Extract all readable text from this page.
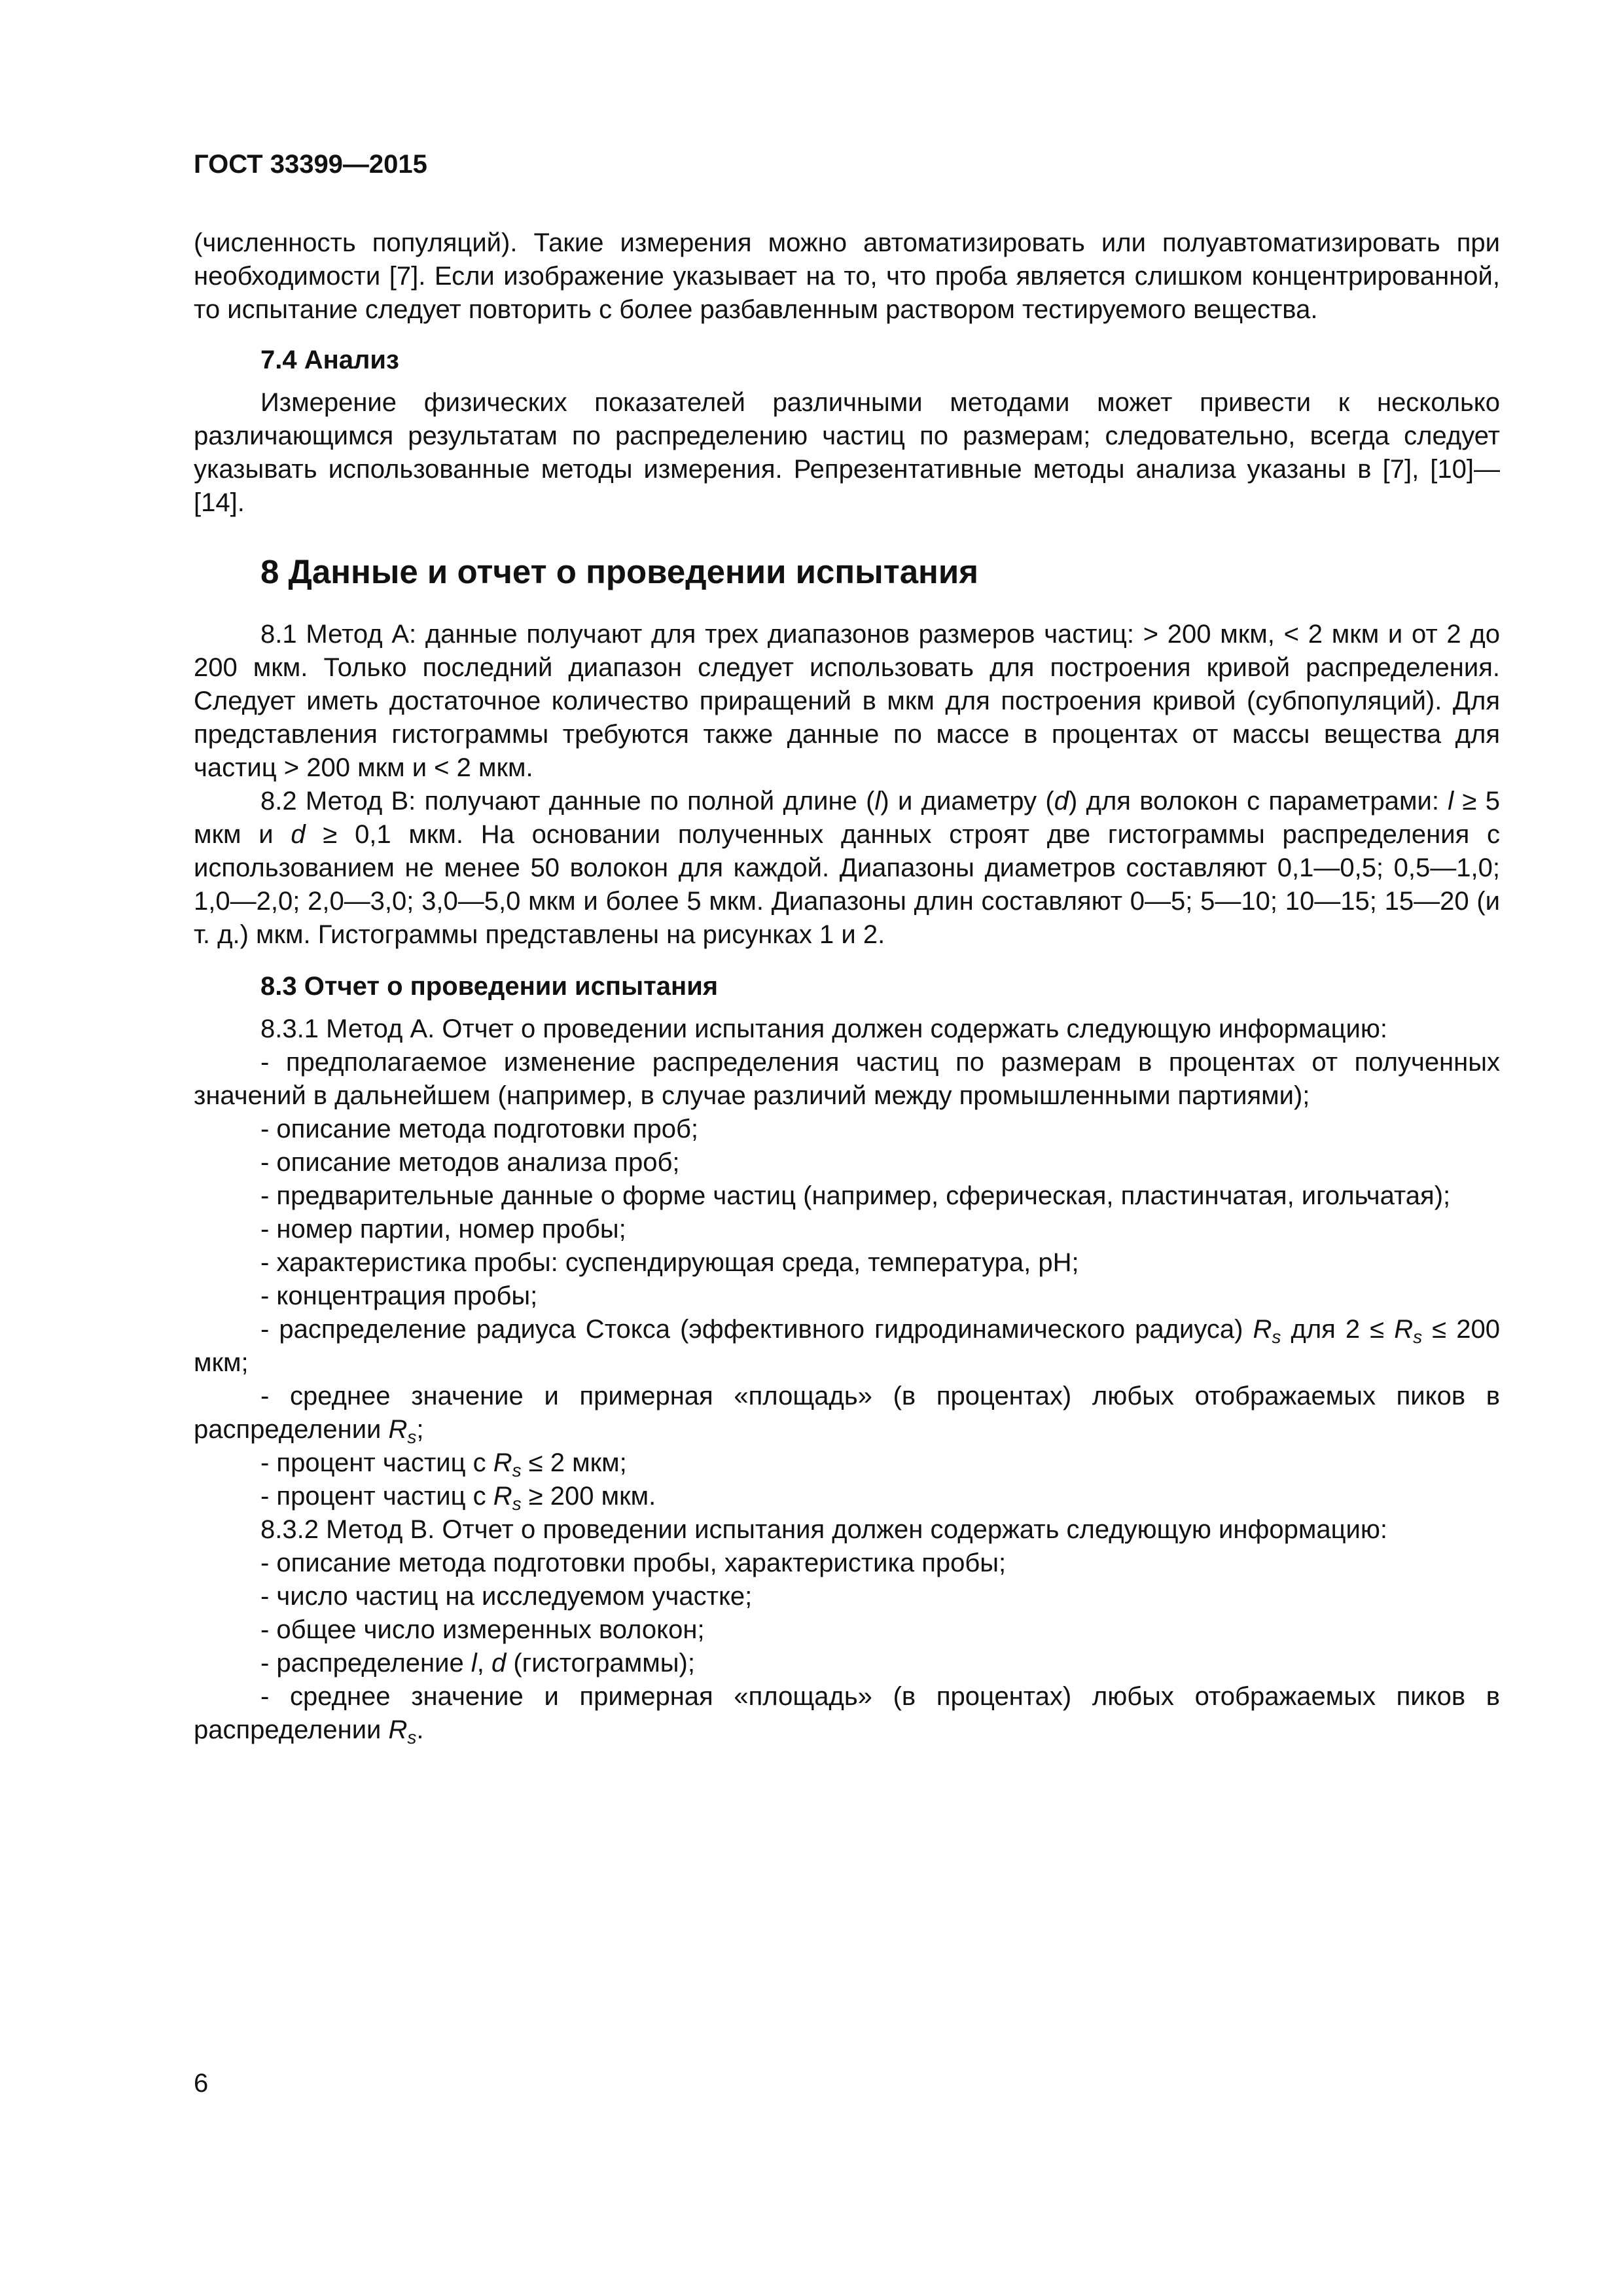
ГОСТ 33399—2015

(численность популяций). Такие измерения можно автоматизировать или полуавтоматизировать при необходимости [7]. Если изображение указывает на то, что проба является слишком концентрированной, то испытание следует повторить с более разбавленным раствором тестируемого вещества.

7.4 Анализ

Измерение физических показателей различными методами может привести к несколько различающимся результатам по распределению частиц по размерам; следовательно, всегда следует указывать использованные методы измерения. Репрезентативные методы анализа указаны в [7], [10]—[14].

8 Данные и отчет о проведении испытания

8.1 Метод А: данные получают для трех диапазонов размеров частиц: > 200 мкм, < 2 мкм и от 2 до 200 мкм. Только последний диапазон следует использовать для построения кривой распределения. Следует иметь достаточное количество приращений в мкм для построения кривой (субпопуляций). Для представления гистограммы требуются также данные по массе в процентах от массы вещества для частиц > 200 мкм и < 2 мкм.

8.2 Метод В: получают данные по полной длине (l) и диаметру (d) для волокон с параметрами: l ≥ 5 мкм и d ≥ 0,1 мкм. На основании полученных данных строят две гистограммы распределения с использованием не менее 50 волокон для каждой. Диапазоны диаметров составляют 0,1—0,5; 0,5—1,0; 1,0—2,0; 2,0—3,0; 3,0—5,0 мкм и более 5 мкм. Диапазоны длин составляют 0—5; 5—10; 10—15; 15—20 (и т. д.) мкм. Гистограммы представлены на рисунках 1 и 2.

8.3 Отчет о проведении испытания

8.3.1 Метод А. Отчет о проведении испытания должен содержать следующую информацию:

- предполагаемое изменение распределения частиц по размерам в процентах от полученных значений в дальнейшем (например, в случае различий между промышленными партиями);

- описание метода подготовки проб;

- описание методов анализа проб;

- предварительные данные о форме частиц (например, сферическая, пластинчатая, игольчатая);

- номер партии, номер пробы;

- характеристика пробы: суспендирующая среда, температура, pH;

- концентрация пробы;

- распределение радиуса Стокса (эффективного гидродинамического радиуса) $R_s$ для $2 \le R_s \le 200$ мкм;

- среднее значение и примерная «площадь» (в процентах) любых отображаемых пиков в распределении $R_s$;

- процент частиц с $R_s \le 2$ мкм;

- процент частиц с $R_s \ge 200$ мкм.

8.3.2 Метод В. Отчет о проведении испытания должен содержать следующую информацию:

- описание метода подготовки пробы, характеристика пробы;

- число частиц на исследуемом участке;

- общее число измеренных волокон;

- распределение l, d (гистограммы);

- среднее значение и примерная «площадь» (в процентах) любых отображаемых пиков в распределении $R_s$.

6
